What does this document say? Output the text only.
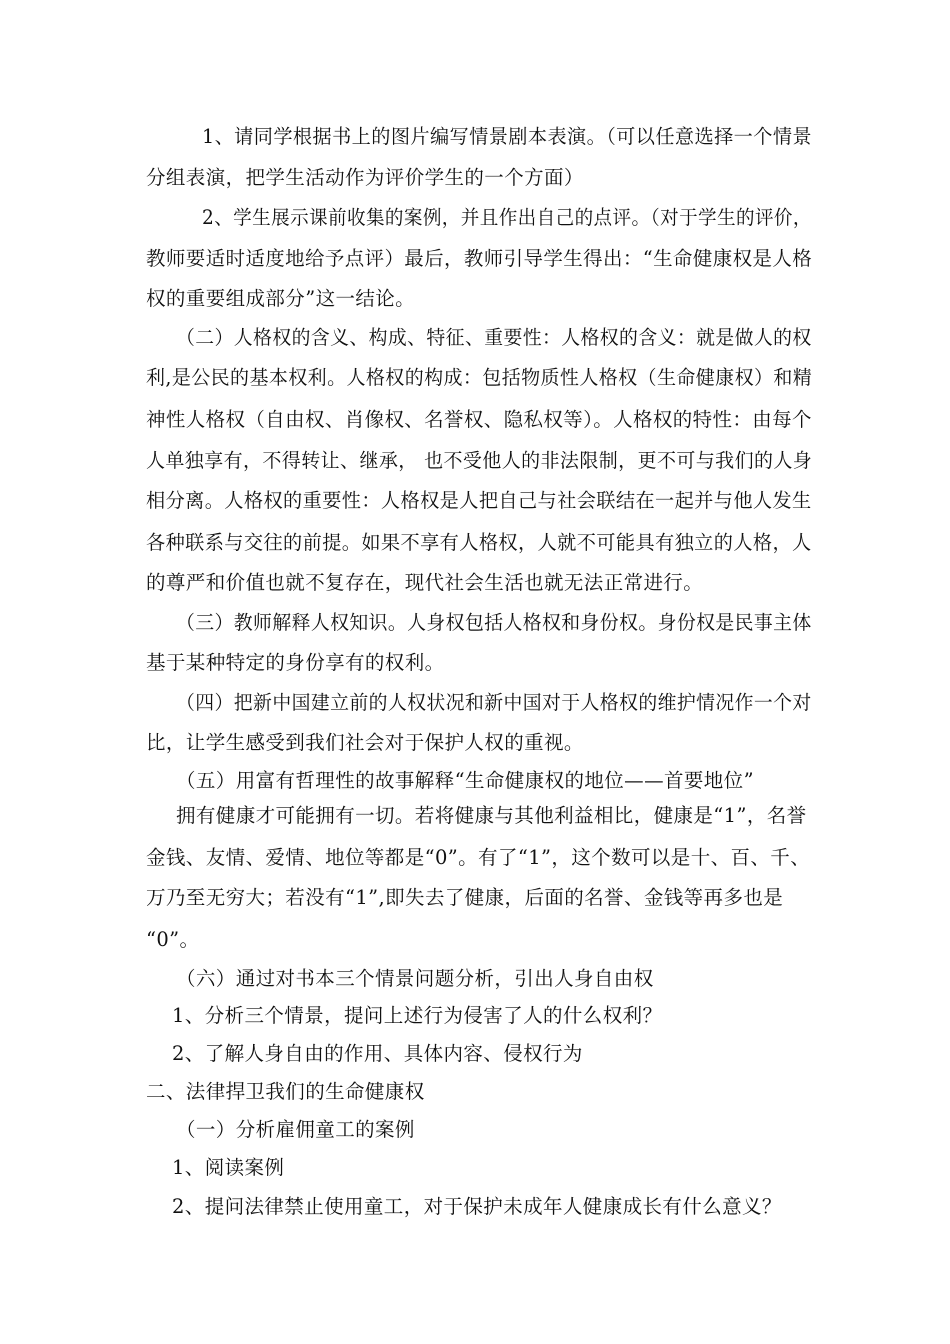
1、请同学根据书上的图片编写情景剧本表演。（可以任意选择一个情景
分组表演，把学生活动作为评价学生的一个方面）
2、学生展示课前收集的案例，并且作出自己的点评。（对于学生的评价，
教师要适时适度地给予点评）最后，教师引导学生得出：“生命健康权是人格
权的重要组成部分”这一结论。
（二）人格权的含义、构成、特征、重要性：人格权的含义：就是做人的权
利,是公民的基本权利。人格权的构成：包括物质性人格权（生命健康权）和精
神性人格权（自由权、肖像权、名誉权、隐私权等）。人格权的特性：由每个
人单独享有，不得转让、继承， 也不受他人的非法限制，更不可与我们的人身
相分离。人格权的重要性：人格权是人把自己与社会联结在一起并与他人发生
各种联系与交往的前提。如果不享有人格权，人就不可能具有独立的人格，人
的尊严和价值也就不复存在，现代社会生活也就无法正常进行。
（三）教师解释人权知识。人身权包括人格权和身份权。身份权是民事主体
基于某种特定的身份享有的权利。
（四）把新中国建立前的人权状况和新中国对于人格权的维护情况作一个对
比，让学生感受到我们社会对于保护人权的重视。
（五）用富有哲理性的故事解释“生命健康权的地位——首要地位”
拥有健康才可能拥有一切。若将健康与其他利益相比，健康是“1”，名誉
金钱、友情、爱情、地位等都是“0”。有了“1”，这个数可以是十、百、千、
万乃至无穷大；若没有“1”,即失去了健康，后面的名誉、金钱等再多也是
“0”。
（六）通过对书本三个情景问题分析，引出人身自由权
1、分析三个情景，提问上述行为侵害了人的什么权利？
2、了解人身自由的作用、具体内容、侵权行为
二、法律捍卫我们的生命健康权
（一）分析雇佣童工的案例
1、阅读案例
2、提问法律禁止使用童工，对于保护未成年人健康成长有什么意义？
